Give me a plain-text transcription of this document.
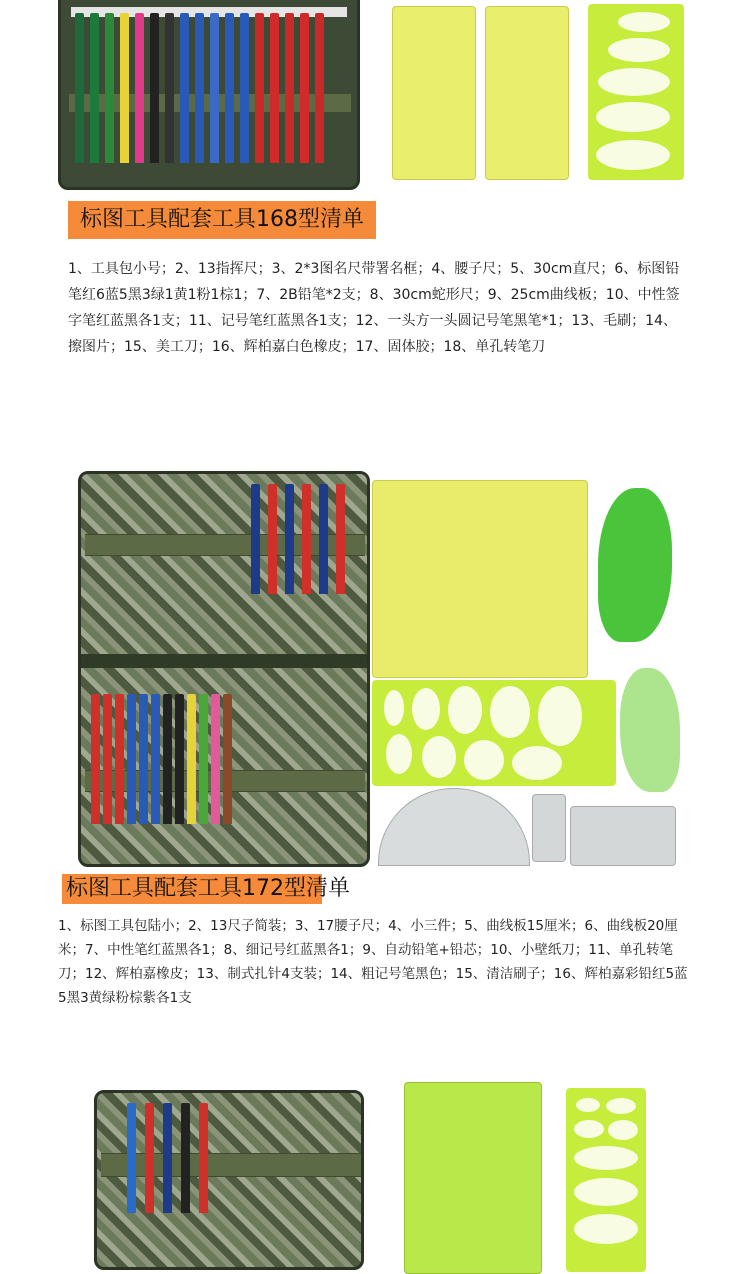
标图工具配套工具168型清单
1、工具包小号；2、13指挥尺；3、2*3图名尺带署名框；4、腰子尺；5、30cm直尺；6、标图铅笔红6蓝5黑3绿1黄1粉1棕1；7、2B铅笔*2支；8、30cm蛇形尺；9、25cm曲线板；10、中性签字笔红蓝黑各1支；11、记号笔红蓝黑各1支；12、一头方一头圆记号笔黑笔*1；13、毛刷；14、擦图片；15、美工刀；16、辉柏嘉白色橡皮；17、固体胶；18、单孔转笔刀
标图工具配套工具172型清单
1、标图工具包陆小；2、13尺子简装；3、17腰子尺；4、小三件；5、曲线板15厘米；6、曲线板20厘米；7、中性笔红蓝黑各1；8、细记号红蓝黑各1；9、自动铅笔+铅芯；10、小壁纸刀；11、单孔转笔刀；12、辉柏嘉橡皮；13、制式扎针4支装；14、粗记号笔黑色；15、清洁刷子；16、辉柏嘉彩铅红5蓝5黑3黄绿粉棕紫各1支
